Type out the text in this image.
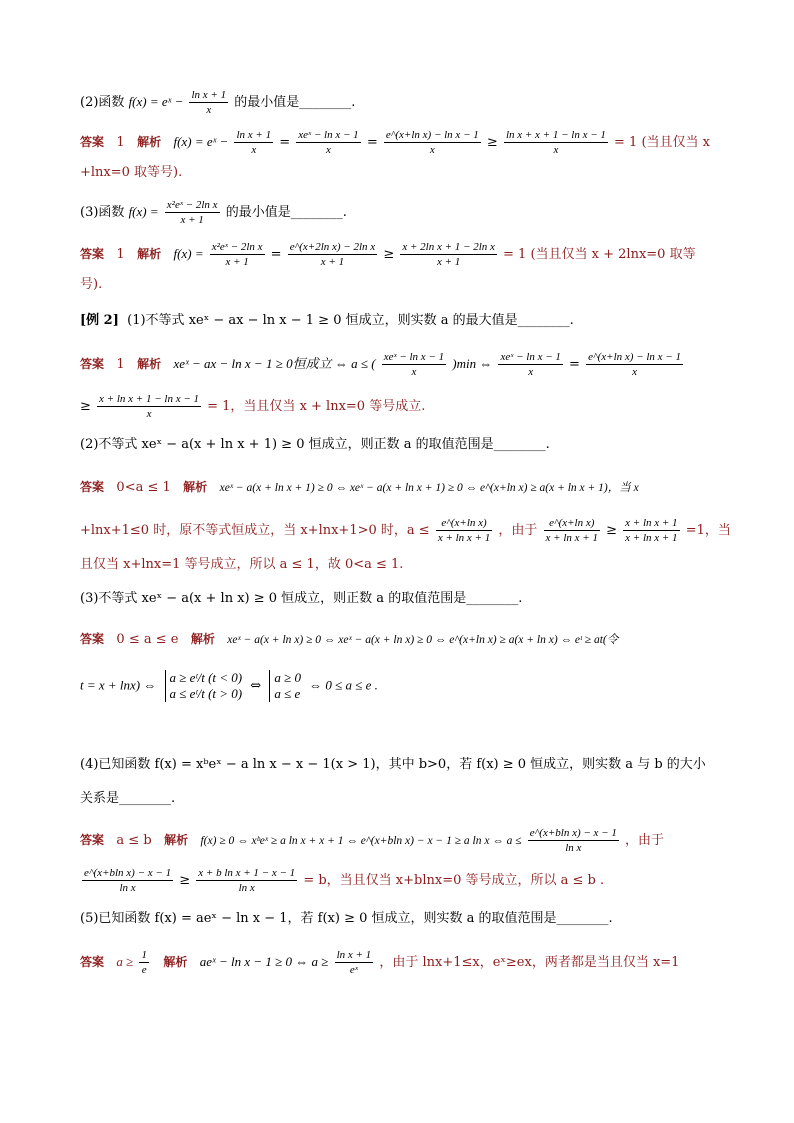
(2)函数 f(x) = eˣ − $\frac{\text{ln x + 1}}{x}$ 的最小值是________.
答案 1 解析 f(x) = eˣ − $\frac{\text{ln x + 1}}{x} = \frac{\text{xeˣ − ln x − 1}}{x} = \frac{\text{e\textasciicircum{}(x+ln x) − ln x − 1}}{x} \ge \frac{\text{ln x + x + 1 − ln x − 1}}{x} = 1$ (当且仅当 x
+lnx=0 取等号).
(3)函数 $f(x) = \frac{\text{x²eˣ − 2ln x}}{x + 1}$ 的最小值是________.
答案 1 解析 $f(x) = \frac{\text{x²eˣ − 2ln x}}{x + 1} = \frac{\text{e\textasciicircum{}(x+2ln x) − 2ln x}}{x + 1} \ge \frac{\text{x + 2ln x + 1 − 2ln x}}{x + 1} = 1$ (当且仅当 x + 2lnx=0 取等
号).
[例 2] (1)不等式 xeˣ − ax − ln x − 1 ≥ 0 恒成立，则实数 a 的最大值是________.
答案 1 解析 xeˣ − ax − ln x − 1 ≥ 0恒成立 ⇔ a ≤ ( $\frac{\text{xeˣ − ln x − 1}}{x} )\min$ ⇔ $\frac{\text{xeˣ − ln x − 1}}{x} = \frac{\text{e\textasciicircum{}(x+ln x) − ln x − 1}}{x}$
≥ $\frac{\text{x + ln x + 1 − ln x − 1}}{x} = 1$，当且仅当 x + lnx=0 等号成立.
(2)不等式 xeˣ − a(x + ln x + 1) ≥ 0 恒成立，则正数 a 的取值范围是________.
答案 0<a ≤ 1 解析 xeˣ − a(x + ln x + 1) ≥ 0 ⇔ xeˣ − a(x + ln x + 1) ≥ 0 ⇔ e^(x+ln x) ≥ a(x + ln x + 1)，当 x
+lnx+1≤0 时，原不等式恒成立，当 x+lnx+1>0 时，$a \le \frac{\text{e\textasciicircum{}(x+ln x)}}{\text{x + ln x + 1}}$ ，由于 $\frac{\text{e\textasciicircum{}(x+ln x)}}{\text{x + ln x + 1}} \ge \frac{\text{x + ln x + 1}}{\text{x + ln x + 1}} =1$，当
且仅当 x+lnx=1 等号成立，所以 a ≤ 1，故 0<a ≤ 1.
(3)不等式 xeˣ − a(x + ln x) ≥ 0 恒成立，则正数 a 的取值范围是________.
答案 0 ≤ a ≤ e 解析 xeˣ − a(x + ln x) ≥ 0 ⇔ xeˣ − a(x + ln x) ≥ 0 ⇔ e^(x+ln x) ≥ a(x + ln x) ⇔ eᵗ ≥ at(令
t = x + lnx) ⇔ a ≥ eᵗ/t (t < 0)
a ≤ eᵗ/t (t > 0) ⇔
a ≥ 0
a ≤ e
⇔ 0 ≤ a ≤ e .
(4)已知函数 f(x) = xᵇeˣ − a ln x − x − 1(x > 1)，其中 b>0，若 f(x) ≥ 0 恒成立，则实数 a 与 b 的大小
关系是________.
答案 a ≤ b 解析 f(x) ≥ 0 ⇔ xᵇeˣ ≥ a ln x + x + 1 ⇔ e^(x+bln x) − x − 1 ≥ a ln x ⇔ $a \le \frac{\text{e\textasciicircum{}(x+bln x) − x − 1}}{\text{ln x}}$ ，由于
$\frac{\text{e\textasciicircum{}(x+bln x) − x − 1}}{\text{ln x}} \ge \frac{\text{x + b ln x + 1 − x − 1}}{\text{ln x}} = b$，当且仅当 x+blnx=0 等号成立，所以 a ≤ b .
(5)已知函数 f(x) = aeˣ − ln x − 1，若 f(x) ≥ 0 恒成立，则实数 a 的取值范围是________.
答案 $a \ge \frac{1}{e}$ 解析 aeˣ − ln x − 1 ≥ 0 ⇔ $a \ge \frac{\text{ln x + 1}}{\text{eˣ}}$ ，由于 lnx+1≤x，eˣ≥ex，两者都是当且仅当 x=1
